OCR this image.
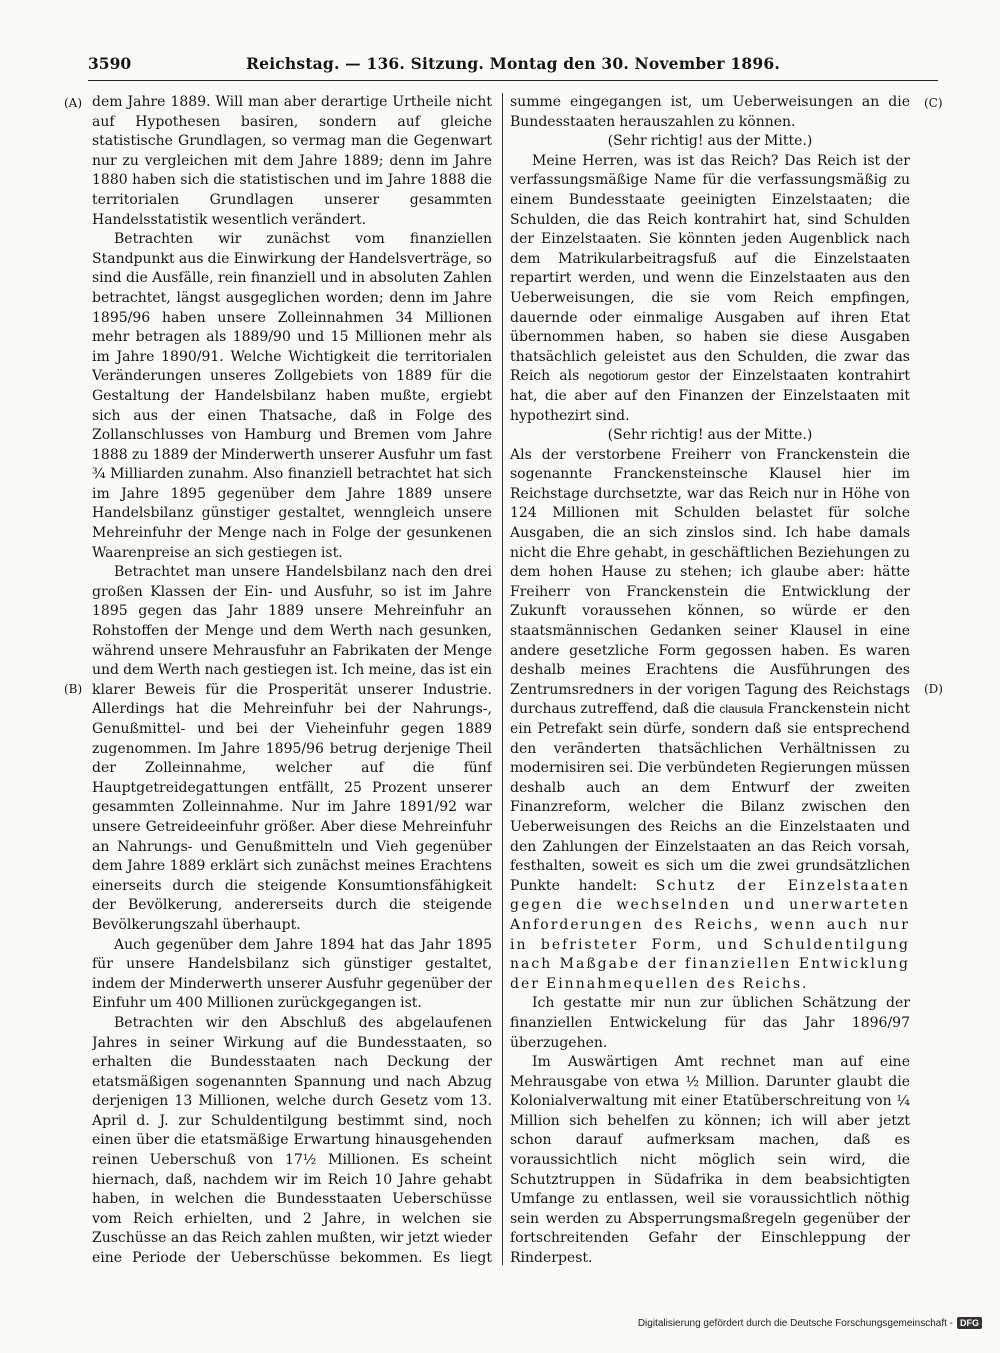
3590	Reichstag. — 136. Sitzung. Montag den 30. November 1896.
(A)
(B)
(C)
(D)

dem Jahre 1889. Will man aber derartige Urtheile nicht auf Hypothesen basiren, sondern auf gleiche statistische Grundlagen, so vermag man die Gegenwart nur zu vergleichen mit dem Jahre 1889; denn im Jahre 1880 haben sich die statistischen und im Jahre 1888 die territorialen Grundlagen unserer gesammten Handelsstatistik wesentlich verändert.

Betrachten wir zunächst vom finanziellen Standpunkt aus die Einwirkung der Handelsverträge, so sind die Ausfälle, rein finanziell und in absoluten Zahlen betrachtet, längst ausgeglichen worden; denn im Jahre 1895/96 haben unsere Zolleinnahmen 34 Millionen mehr betragen als 1889/90 und 15 Millionen mehr als im Jahre 1890/91. Welche Wichtigkeit die territorialen Veränderungen unseres Zollgebiets von 1889 für die Gestaltung der Handelsbilanz haben mußte, ergiebt sich aus der einen Thatsache, daß in Folge des Zollanschlusses von Hamburg und Bremen vom Jahre 1888 zu 1889 der Minderwerth unserer Ausfuhr um fast ¾ Milliarden zunahm. Also finanziell betrachtet hat sich im Jahre 1895 gegenüber dem Jahre 1889 unsere Handelsbilanz günstiger gestaltet, wenngleich unsere Mehreinfuhr der Menge nach in Folge der gesunkenen Waarenpreise an sich gestiegen ist.

Betrachtet man unsere Handelsbilanz nach den drei großen Klassen der Ein- und Ausfuhr, so ist im Jahre 1895 gegen das Jahr 1889 unsere Mehreinfuhr an Rohstoffen der Menge und dem Werth nach gesunken, während unsere Mehrausfuhr an Fabrikaten der Menge und dem Werth nach gestiegen ist. Ich meine, das ist ein klarer Beweis für die Prosperität unserer Industrie. Allerdings hat die Mehreinfuhr bei der Nahrungs-, Genußmittel- und bei der Vieheinfuhr gegen 1889 zugenommen. Im Jahre 1895/96 betrug derjenige Theil der Zolleinnahme, welcher auf die fünf Hauptgetreidegattungen entfällt, 25 Prozent unserer gesammten Zolleinnahme. Nur im Jahre 1891/92 war unsere Getreideeinfuhr größer. Aber diese Mehreinfuhr an Nahrungs- und Genußmitteln und Vieh gegenüber dem Jahre 1889 erklärt sich zunächst meines Erachtens einerseits durch die steigende Konsumtionsfähigkeit der Bevölkerung, andererseits durch die steigende Bevölkerungszahl überhaupt.

Auch gegenüber dem Jahre 1894 hat das Jahr 1895 für unsere Handelsbilanz sich günstiger gestaltet, indem der Minderwerth unserer Ausfuhr gegenüber der Einfuhr um 400 Millionen zurückgegangen ist.

Betrachten wir den Abschluß des abgelaufenen Jahres in seiner Wirkung auf die Bundesstaaten, so erhalten die Bundesstaaten nach Deckung der etatsmäßigen sogenannten Spannung und nach Abzug derjenigen 13 Millionen, welche durch Gesetz vom 13. April d. J. zur Schuldentilgung bestimmt sind, noch einen über die etatsmäßige Erwartung hinausgehenden reinen Ueberschuß von 17½ Millionen. Es scheint hiernach, daß, nachdem wir im Reich 10 Jahre gehabt haben, in welchen die Bundesstaaten Ueberschüsse vom Reich erhielten, und 2 Jahre, in welchen sie Zuschüsse an das Reich zahlen mußten, wir jetzt wieder eine Periode der Ueberschüsse bekommen. Es liegt

summe eingegangen ist, um Ueberweisungen an die Bundesstaaten herauszahlen zu können.

(Sehr richtig! aus der Mitte.)

Meine Herren, was ist das Reich? Das Reich ist der verfassungsmäßige Name für die verfassungsmäßig zu einem Bundesstaate geeinigten Einzelstaaten; die Schulden, die das Reich kontrahirt hat, sind Schulden der Einzelstaaten. Sie könnten jeden Augenblick nach dem Matrikularbeitragsfuß auf die Einzelstaaten repartirt werden, und wenn die Einzelstaaten aus den Ueberweisungen, die sie vom Reich empfingen, dauernde oder einmalige Ausgaben auf ihren Etat übernommen haben, so haben sie diese Ausgaben thatsächlich geleistet aus den Schulden, die zwar das Reich als negotiorum gestor der Einzelstaaten kontrahirt hat, die aber auf den Finanzen der Einzelstaaten mit hypothezirt sind.

(Sehr richtig! aus der Mitte.)

Als der verstorbene Freiherr von Franckenstein die sogenannte Franckensteinsche Klausel hier im Reichstage durchsetzte, war das Reich nur in Höhe von 124 Millionen mit Schulden belastet für solche Ausgaben, die an sich zinslos sind. Ich habe damals nicht die Ehre gehabt, in geschäftlichen Beziehungen zu dem hohen Hause zu stehen; ich glaube aber: hätte Freiherr von Franckenstein die Entwicklung der Zukunft voraussehen können, so würde er den staatsmännischen Gedanken seiner Klausel in eine andere gesetzliche Form gegossen haben. Es waren deshalb meines Erachtens die Ausführungen des Zentrumsredners in der vorigen Tagung des Reichstags durchaus zutreffend, daß die clausula Franckenstein nicht ein Petrefakt sein dürfe, sondern daß sie entsprechend den veränderten thatsächlichen Verhältnissen zu modernisiren sei. Die verbündeten Regierungen müssen deshalb auch an dem Entwurf der zweiten Finanzreform, welcher die Bilanz zwischen den Ueberweisungen des Reichs an die Einzelstaaten und den Zahlungen der Einzelstaaten an das Reich vorsah, festhalten, soweit es sich um die zwei grundsätzlichen Punkte handelt: Schutz der Einzelstaaten gegen die wechselnden und unerwarteten Anforderungen des Reichs, wenn auch nur in befristeter Form, und Schuldentilgung nach Maßgabe der finanziellen Entwicklung der Einnahmequellen des Reichs.

Ich gestatte mir nun zur üblichen Schätzung der finanziellen Entwickelung für das Jahr 1896/97 überzugehen.

Im Auswärtigen Amt rechnet man auf eine Mehrausgabe von etwa ½ Million. Darunter glaubt die Kolonialverwaltung mit einer Etatüberschreitung von ¼ Million sich behelfen zu können; ich will aber jetzt schon darauf aufmerksam machen, daß es voraussichtlich nicht möglich sein wird, die Schutztruppen in Südafrika in dem beabsichtigten Umfange zu entlassen, weil sie voraussichtlich nöthig sein werden zu Absperrungsmaßregeln gegenüber der fortschreitenden Gefahr der Einschleppung der Rinderpest.

Digitalisierung gefördert durch die Deutsche Forschungsgemeinschaft - DFG
